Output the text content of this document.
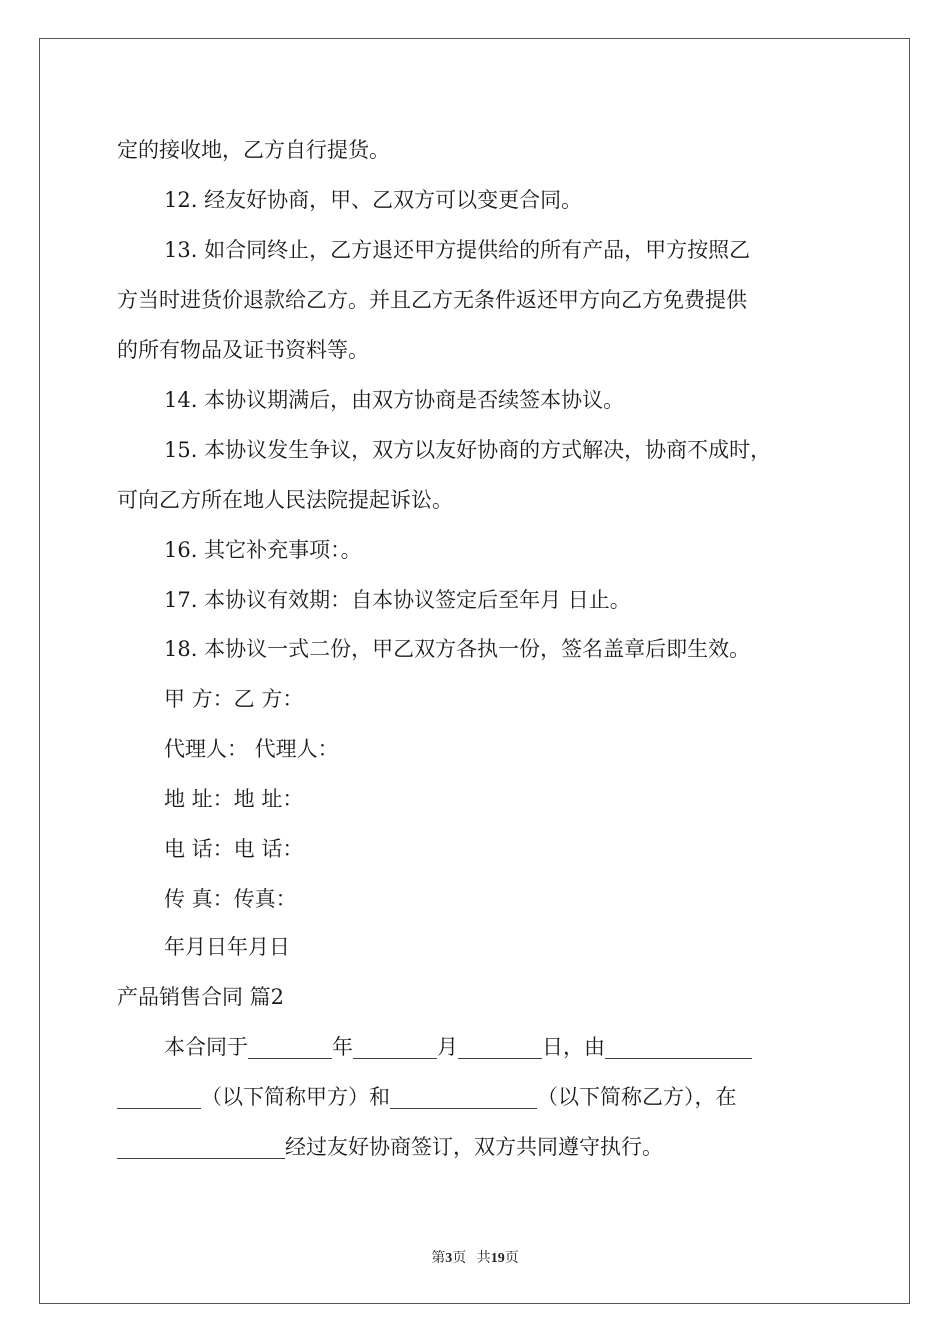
定的接收地，乙方自行提货。
12. 经友好协商，甲、乙双方可以变更合同。
13. 如合同终止，乙方退还甲方提供给的所有产品，甲方按照乙
方当时进货价退款给乙方。并且乙方无条件返还甲方向乙方免费提供
的所有物品及证书资料等。
14. 本协议期满后，由双方协商是否续签本协议。
15. 本协议发生争议，双方以友好协商的方式解决，协商不成时，
可向乙方所在地人民法院提起诉讼。
16. 其它补充事项：。
17. 本协议有效期：自本协议签定后至年月 日止。
18. 本协议一式二份，甲乙双方各执一份，签名盖章后即生效。
甲 方：乙 方：
代理人： 代理人：
地 址：地 址：
电 话：电 话：
传 真：传真：
年月日年月日
产品销售合同 篇2
本合同于________年________月________日，由______________
________（以下简称甲方）和______________（以下简称乙方），在
________________经过友好协商签订，双方共同遵守执行。
第3页 共19页
